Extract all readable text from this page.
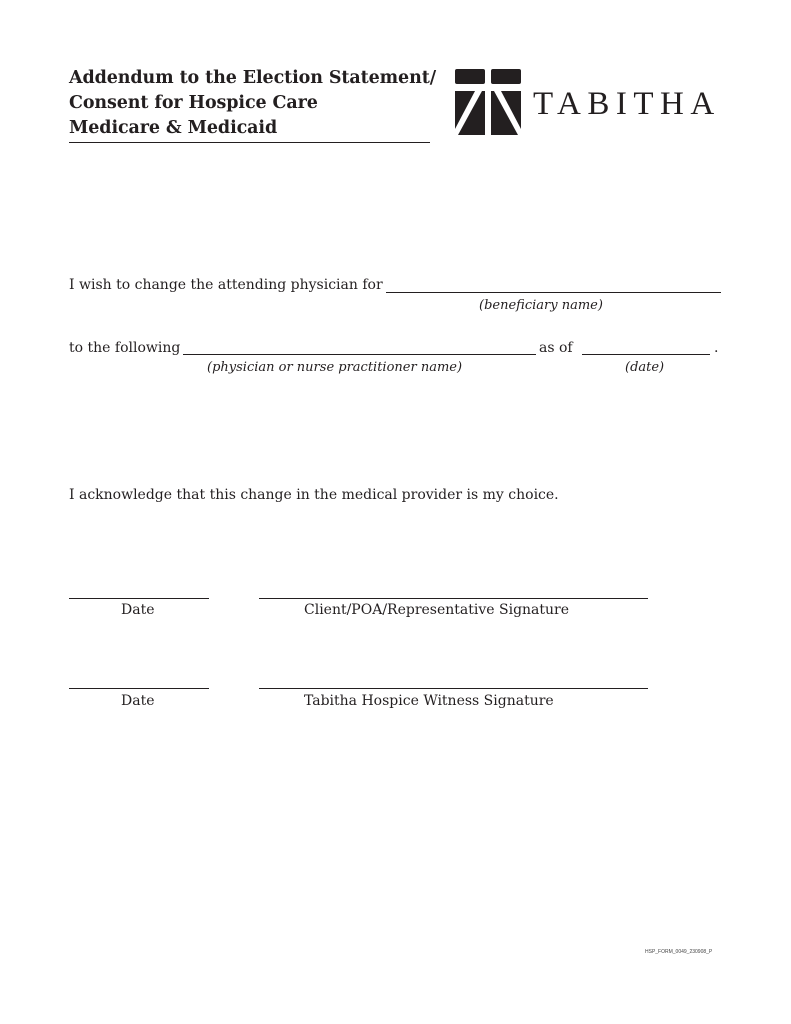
Addendum to the Election Statement/
Consent for Hospice Care
Medicare & Medicaid
TABITHA
I wish to change the attending physician for
(beneficiary name)
to the following	as of	.
(physician or nurse practitioner name)	(date)
I acknowledge that this change in the medical provider is my choice.
Date	Client/POA/Representative Signature
Date	Tabitha Hospice Witness Signature
HSP_FORM_0049_230908_P
